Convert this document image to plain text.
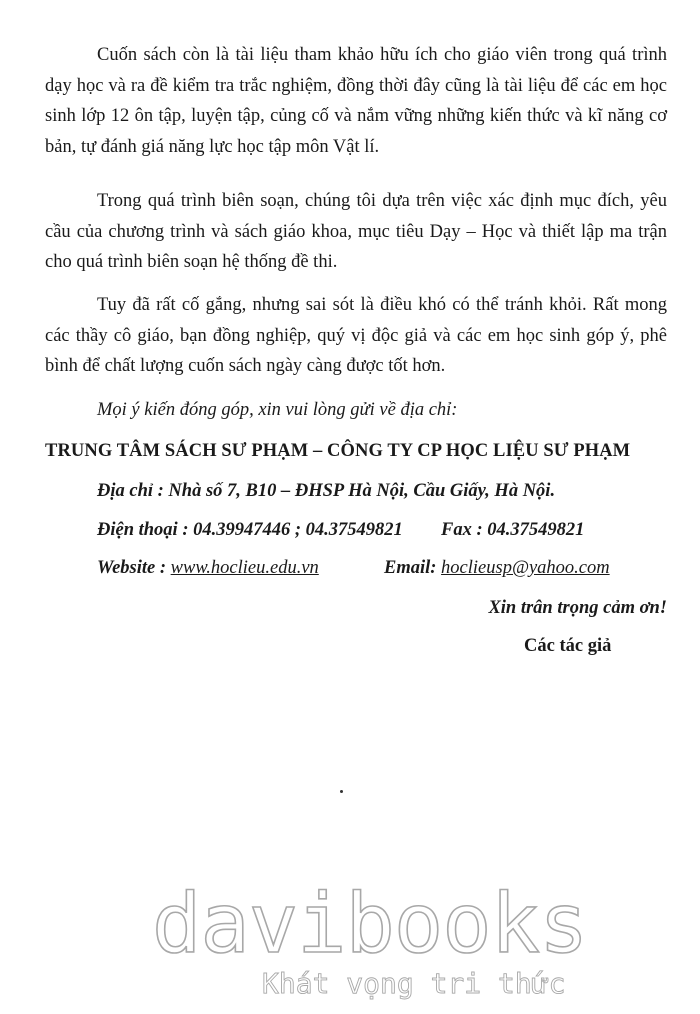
Cuốn sách còn là tài liệu tham khảo hữu ích cho giáo viên trong quá trình dạy học và ra đề kiểm tra trắc nghiệm, đồng thời đây cũng là tài liệu để các em học sinh lớp 12 ôn tập, luyện tập, củng cố và nắm vững những kiến thức và kĩ năng cơ bản, tự đánh giá năng lực học tập môn Vật lí.

Trong quá trình biên soạn, chúng tôi dựa trên việc xác định mục đích, yêu cầu của chương trình và sách giáo khoa, mục tiêu Dạy – Học và thiết lập ma trận cho quá trình biên soạn hệ thống đề thi.

Tuy đã rất cố gắng, nhưng sai sót là điều khó có thể tránh khỏi. Rất mong các thầy cô giáo, bạn đồng nghiệp, quý vị độc giả và các em học sinh góp ý, phê bình để chất lượng cuốn sách ngày càng được tốt hơn.

Mọi ý kiến đóng góp, xin vui lòng gửi về địa chỉ:
TRUNG TÂM SÁCH SƯ PHẠM – CÔNG TY CP HỌC LIỆU SƯ PHẠM
Địa chỉ : Nhà số 7, B10 – ĐHSP Hà Nội, Cầu Giấy, Hà Nội.
Điện thoại : 04.39947446 ; 04.37549821 Fax : 04.37549821
Website : www.hoclieu.edu.vn	Email: hoclieusp@yahoo.com
Xin trân trọng cảm ơn!
Các tác giả
davibooks
Khát vọng tri thức
